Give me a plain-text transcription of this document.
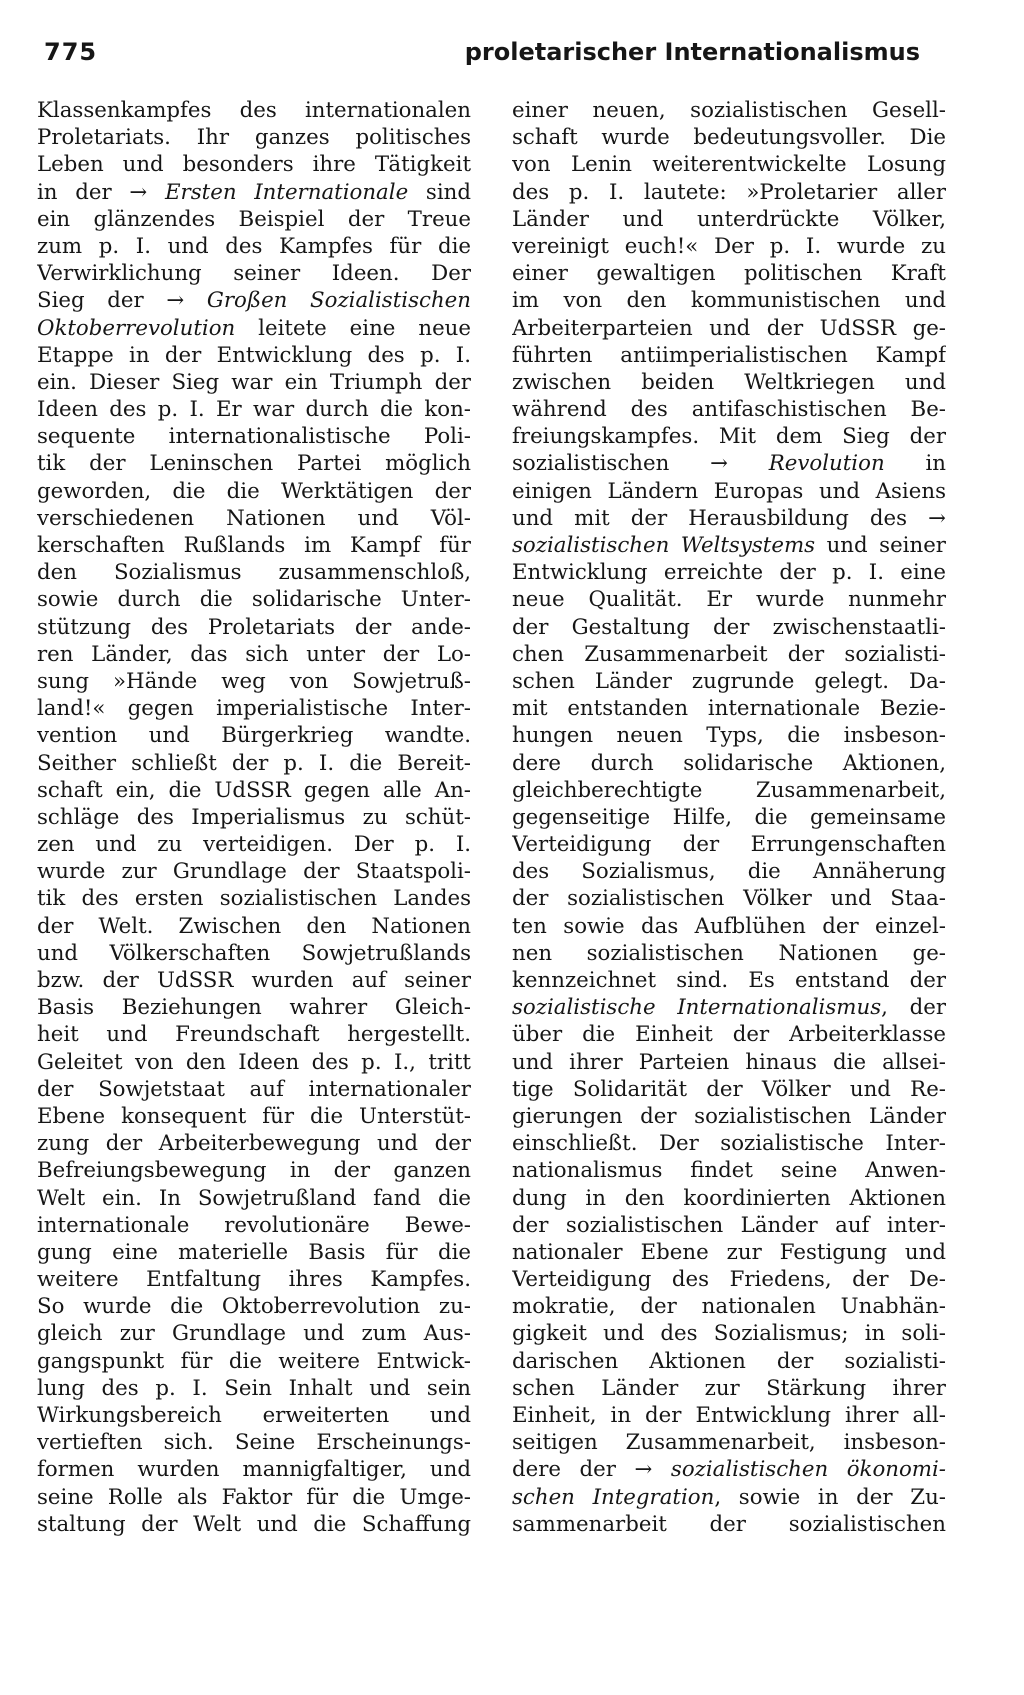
775	proletarischer Internationalismus
Klassenkampfes des internationalen
Proletariats. Ihr ganzes politisches
Leben und besonders ihre Tätigkeit
in der → Ersten Internationale sind
ein glänzendes Beispiel der Treue
zum p. I. und des Kampfes für die
Verwirklichung seiner Ideen. Der
Sieg der → Großen Sozialistischen
Oktoberrevolution leitete eine neue
Etappe in der Entwicklung des p. I.
ein. Dieser Sieg war ein Triumph der
Ideen des p. I. Er war durch die kon-
sequente internationalistische Poli-
tik der Leninschen Partei möglich
geworden, die die Werktätigen der
verschiedenen Nationen und Völ-
kerschaften Rußlands im Kampf für
den Sozialismus zusammenschloß,
sowie durch die solidarische Unter-
stützung des Proletariats der ande-
ren Länder, das sich unter der Lo-
sung »Hände weg von Sowjetruß-
land!« gegen imperialistische Inter-
vention und Bürgerkrieg wandte.
Seither schließt der p. I. die Bereit-
schaft ein, die UdSSR gegen alle An-
schläge des Imperialismus zu schüt-
zen und zu verteidigen. Der p. I.
wurde zur Grundlage der Staatspoli-
tik des ersten sozialistischen Landes
der Welt. Zwischen den Nationen
und Völkerschaften Sowjetrußlands
bzw. der UdSSR wurden auf seiner
Basis Beziehungen wahrer Gleich-
heit und Freundschaft hergestellt.
Geleitet von den Ideen des p. I., tritt
der Sowjetstaat auf internationaler
Ebene konsequent für die Unterstüt-
zung der Arbeiterbewegung und der
Befreiungsbewegung in der ganzen
Welt ein. In Sowjetrußland fand die
internationale revolutionäre Bewe-
gung eine materielle Basis für die
weitere Entfaltung ihres Kampfes.
So wurde die Oktoberrevolution zu-
gleich zur Grundlage und zum Aus-
gangspunkt für die weitere Entwick-
lung des p. I. Sein Inhalt und sein
Wirkungsbereich erweiterten und
vertieften sich. Seine Erscheinungs-
formen wurden mannigfaltiger, und
seine Rolle als Faktor für die Umge-
staltung der Welt und die Schaffung
einer neuen, sozialistischen Gesell-
schaft wurde bedeutungsvoller. Die
von Lenin weiterentwickelte Losung
des p. I. lautete: »Proletarier aller
Länder und unterdrückte Völker,
vereinigt euch!« Der p. I. wurde zu
einer gewaltigen politischen Kraft
im von den kommunistischen und
Arbeiterparteien und der UdSSR ge-
führten antiimperialistischen Kampf
zwischen beiden Weltkriegen und
während des antifaschistischen Be-
freiungskampfes. Mit dem Sieg der
sozialistischen → Revolution in
einigen Ländern Europas und Asiens
und mit der Herausbildung des →
sozialistischen Weltsystems und seiner
Entwicklung erreichte der p. I. eine
neue Qualität. Er wurde nunmehr
der Gestaltung der zwischenstaatli-
chen Zusammenarbeit der sozialisti-
schen Länder zugrunde gelegt. Da-
mit entstanden internationale Bezie-
hungen neuen Typs, die insbeson-
dere durch solidarische Aktionen,
gleichberechtigte Zusammenarbeit,
gegenseitige Hilfe, die gemeinsame
Verteidigung der Errungenschaften
des Sozialismus, die Annäherung
der sozialistischen Völker und Staa-
ten sowie das Aufblühen der einzel-
nen sozialistischen Nationen ge-
kennzeichnet sind. Es entstand der
sozialistische Internationalismus, der
über die Einheit der Arbeiterklasse
und ihrer Parteien hinaus die allsei-
tige Solidarität der Völker und Re-
gierungen der sozialistischen Länder
einschließt. Der sozialistische Inter-
nationalismus findet seine Anwen-
dung in den koordinierten Aktionen
der sozialistischen Länder auf inter-
nationaler Ebene zur Festigung und
Verteidigung des Friedens, der De-
mokratie, der nationalen Unabhän-
gigkeit und des Sozialismus; in soli-
darischen Aktionen der sozialisti-
schen Länder zur Stärkung ihrer
Einheit, in der Entwicklung ihrer all-
seitigen Zusammenarbeit, insbeson-
dere der → sozialistischen ökonomi-
schen Integration, sowie in der Zu-
sammenarbeit der sozialistischen
